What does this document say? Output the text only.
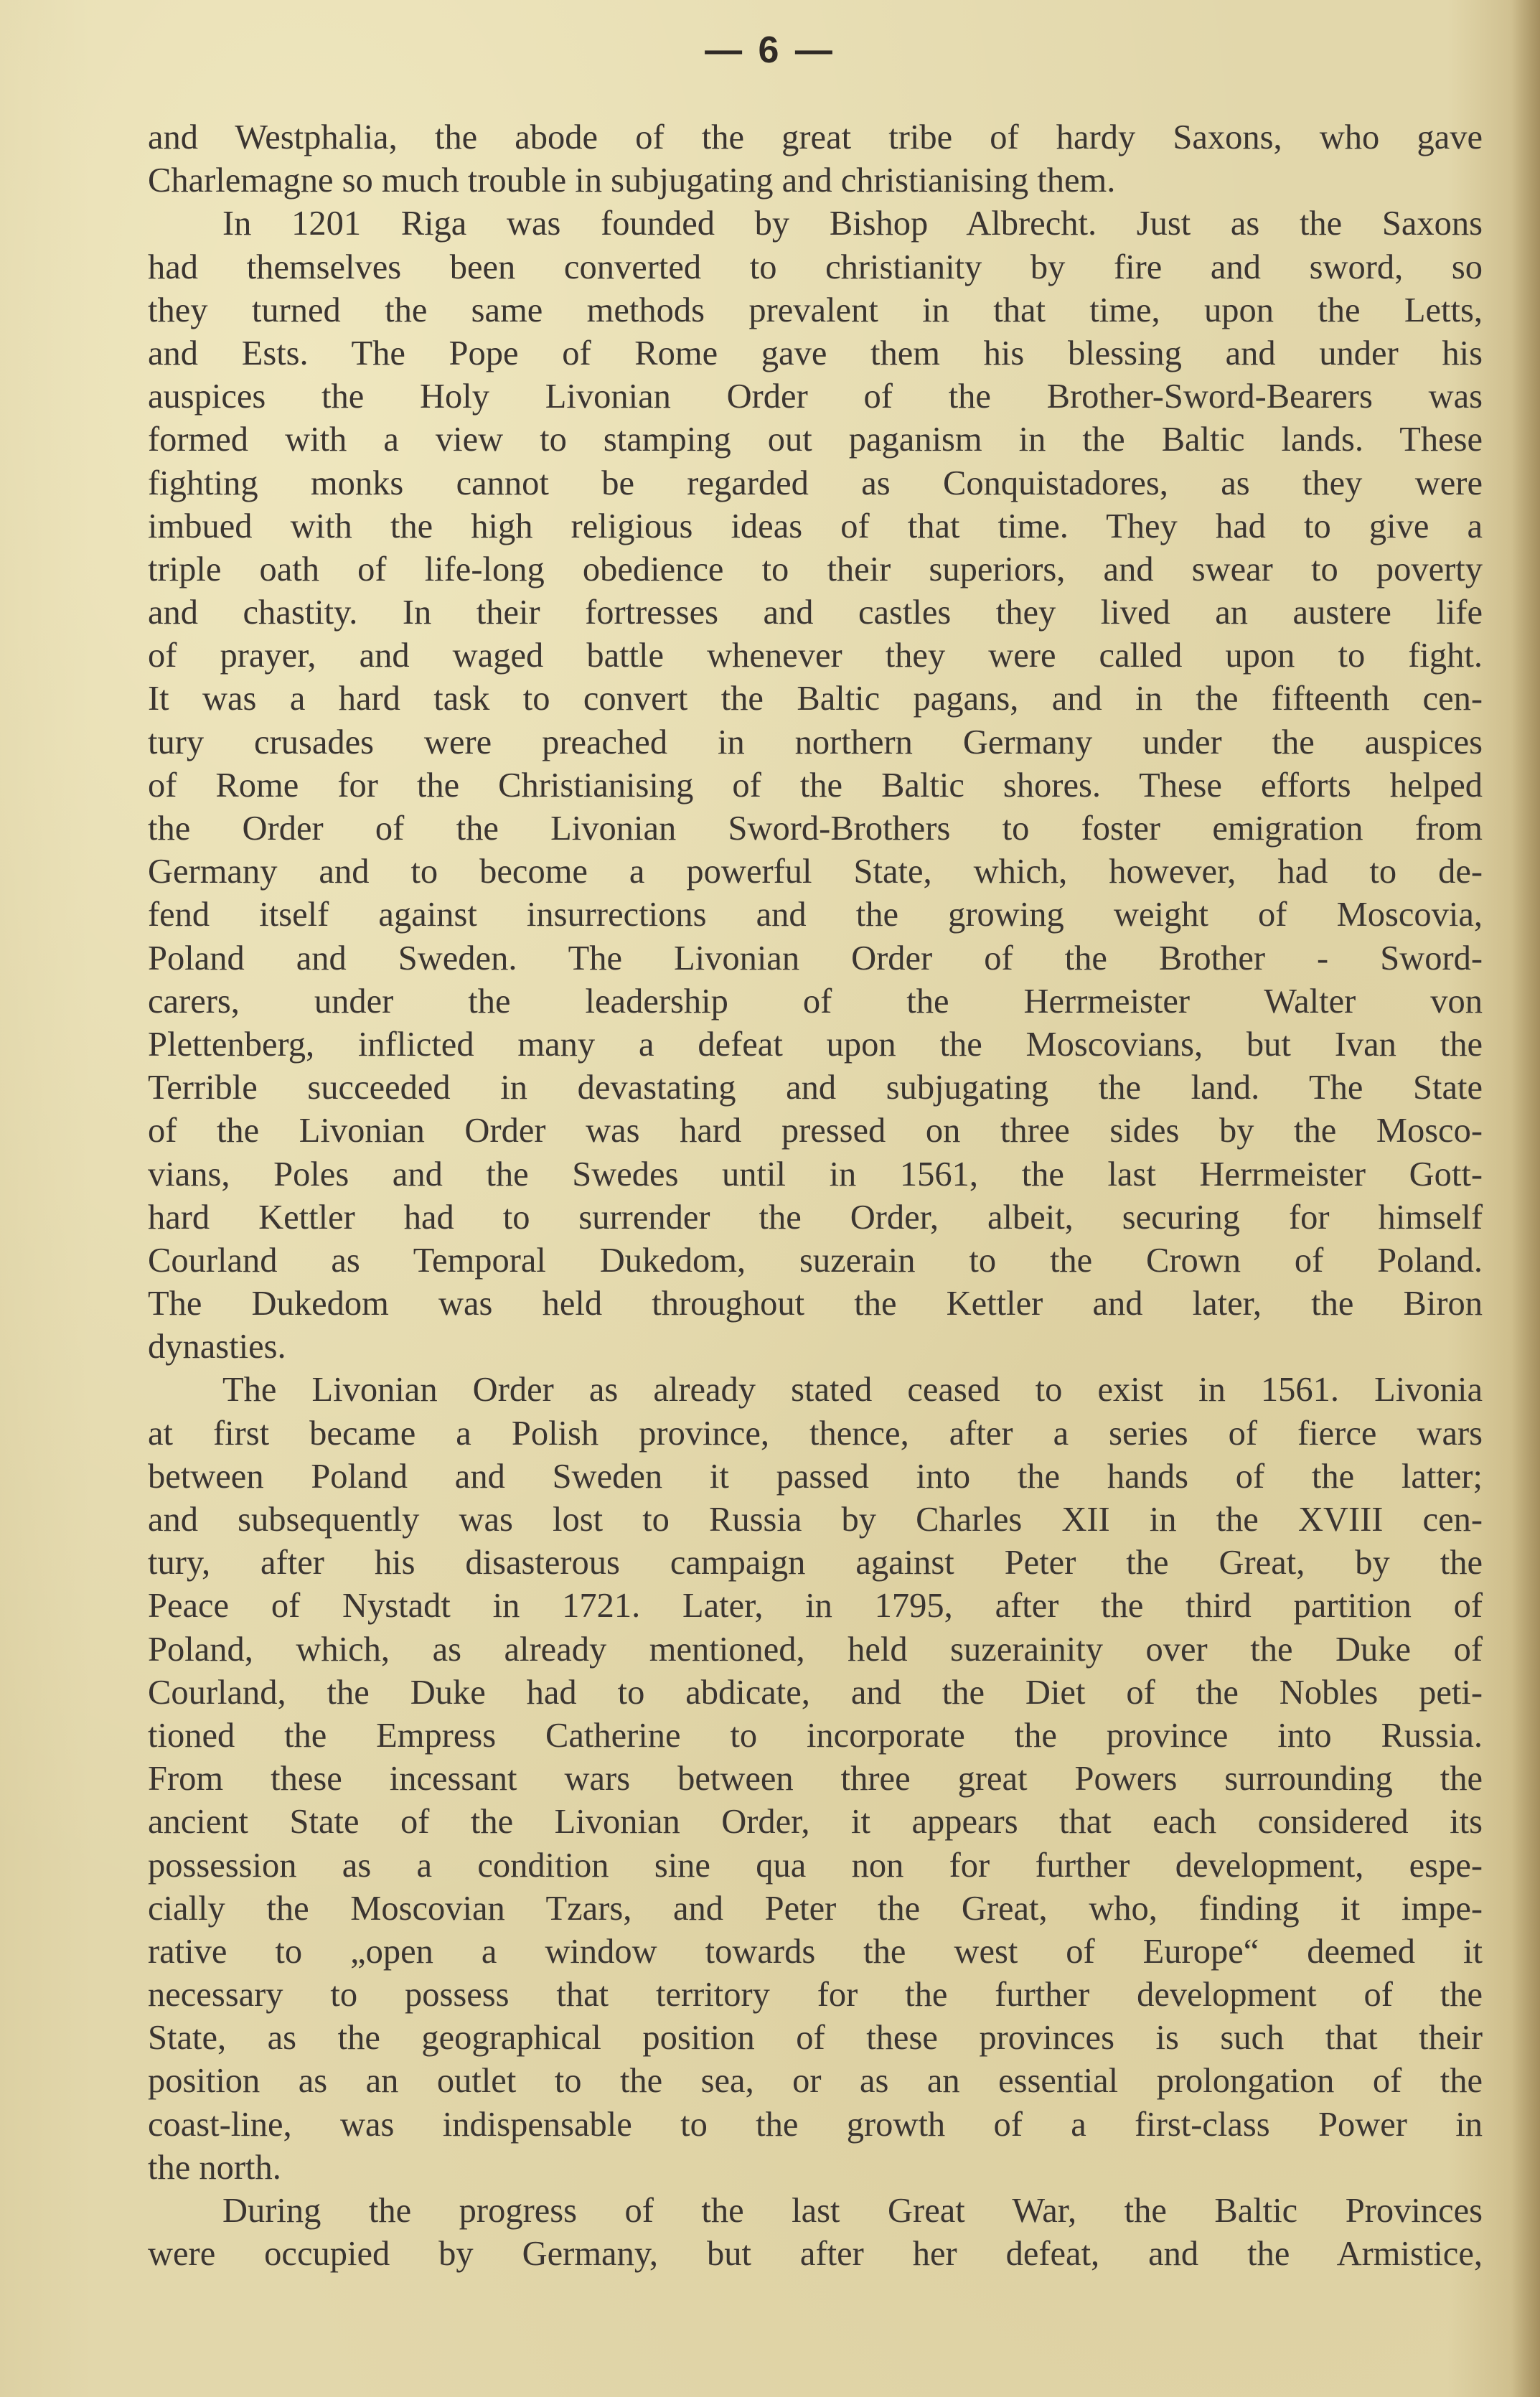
— 6 —
and Westphalia, the abode of the great tribe of hardy Saxons, who gave
Charlemagne so much trouble in subjugating and christianising them.
In 1201 Riga was founded by Bishop Albrecht. Just as the Saxons
had themselves been converted to christianity by fire and sword, so
they turned the same methods prevalent in that time, upon the Letts,
and Ests. The Pope of Rome gave them his blessing and under his
auspices the Holy Livonian Order of the Brother-Sword-Bearers was
formed with a view to stamping out paganism in the Baltic lands. These
fighting monks cannot be regarded as Conquistadores, as they were
imbued with the high religious ideas of that time. They had to give a
triple oath of life-long obedience to their superiors, and swear to poverty
and chastity. In their fortresses and castles they lived an austere life
of prayer, and waged battle whenever they were called upon to fight.
It was a hard task to convert the Baltic pagans, and in the fifteenth cen-
tury crusades were preached in northern Germany under the auspices
of Rome for the Christianising of the Baltic shores. These efforts helped
the Order of the Livonian Sword-Brothers to foster emigration from
Germany and to become a powerful State, which, however, had to de-
fend itself against insurrections and the growing weight of Moscovia,
Poland and Sweden. The Livonian Order of the Brother - Sword-
carers, under the leadership of the Herrmeister Walter von
Plettenberg, inflicted many a defeat upon the Moscovians, but Ivan the
Terrible succeeded in devastating and subjugating the land. The State
of the Livonian Order was hard pressed on three sides by the Mosco-
vians, Poles and the Swedes until in 1561, the last Herrmeister Gott-
hard Kettler had to surrender the Order, albeit, securing for himself
Courland as Temporal Dukedom, suzerain to the Crown of Poland.
The Dukedom was held throughout the Kettler and later, the Biron
dynasties.
The Livonian Order as already stated ceased to exist in 1561. Livonia
at first became a Polish province, thence, after a series of fierce wars
between Poland and Sweden it passed into the hands of the latter;
and subsequently was lost to Russia by Charles XII in the XVIII cen-
tury, after his disasterous campaign against Peter the Great, by the
Peace of Nystadt in 1721. Later, in 1795, after the third partition of
Poland, which, as already mentioned, held suzerainity over the Duke of
Courland, the Duke had to abdicate, and the Diet of the Nobles peti-
tioned the Empress Catherine to incorporate the province into Russia.
From these incessant wars between three great Powers surrounding the
ancient State of the Livonian Order, it appears that each considered its
possession as a condition sine qua non for further development, espe-
cially the Moscovian Tzars, and Peter the Great, who, finding it impe-
rative to „open a window towards the west of Europe“ deemed it
necessary to possess that territory for the further development of the
State, as the geographical position of these provinces is such that their
position as an outlet to the sea, or as an essential prolongation of the
coast-line, was indispensable to the growth of a first-class Power in
the north.
During the progress of the last Great War, the Baltic Provinces
were occupied by Germany, but after her defeat, and the Armistice,
